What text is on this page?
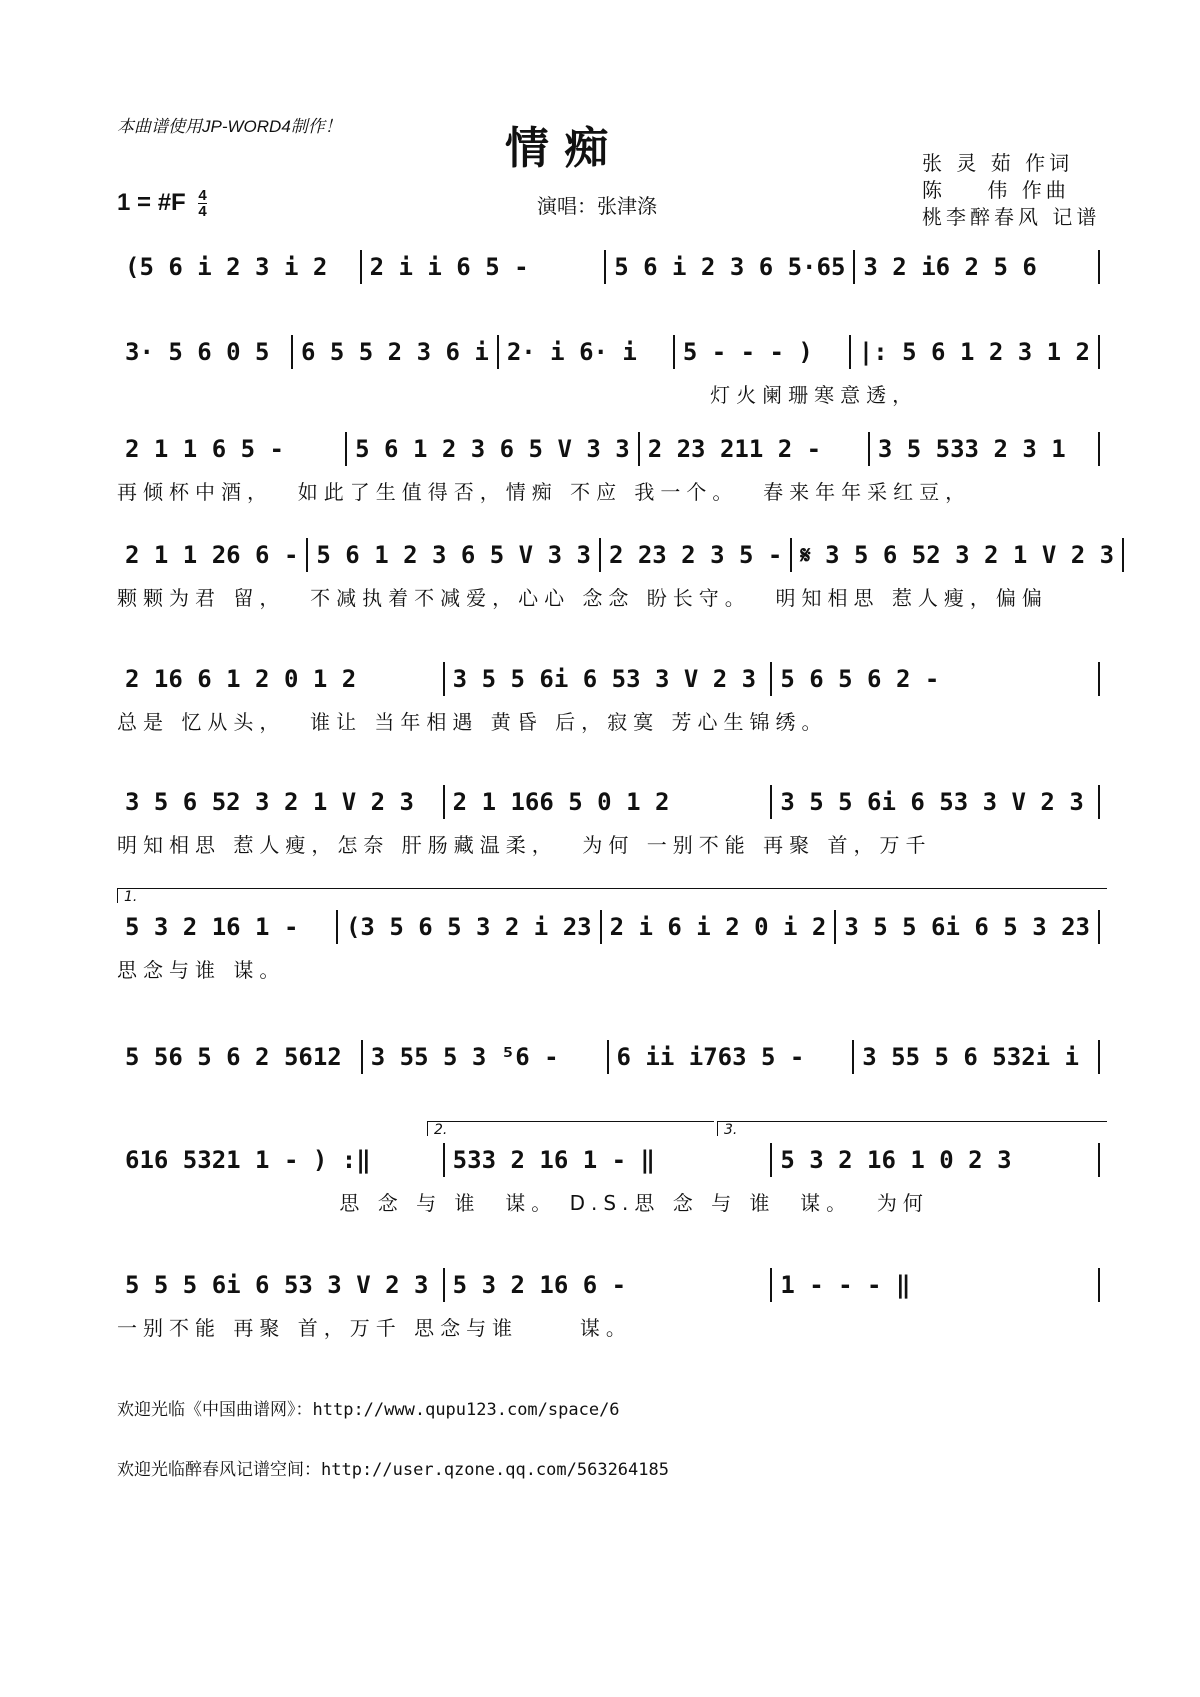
本曲谱使用JP-WORD4制作！	情 痴	张 灵 茹 作词
陈    伟 作曲
桃李醉春风 记谱
1 = #F $\frac{4}{4}$	演唱：张津涤
(5 6 i 2 3 i 2	2 i i 6 5 -	5 6 i 2 3 6 5·65 3 2 i6 2 5 6
3· 5 6 0 5	6 5 5 2 3 6 i 2· i 6· i	5 - - - )	|: 5 6 1 2 3 1 2
灯火阑珊寒意透，
2 1 1 6 5 -	5 6 1 2 3 6 5 V 3 3 2 23 211 2 -	3 5 533 2 3 1
再倾杯中酒，  如此了生值得否，情痴 不应 我一个。  春来年年采红豆，
2 1 1 26 6 - 5 6 1 2 3 6 5 V 3 3 2 23 2 3 5 - 𝄋 3 5 6 52 3 2 1 V 2 3
颗颗为君 留，  不减执着不减爱，心心 念念 盼长守。  明知相思 惹人瘦，偏偏
2 16 6 1 2 0 1 2	3 5 5 6i 6 53 3 V 2 3	5 6 5 6 2 -
总是 忆从头，  谁让 当年相遇 黄昏 后，寂寞 芳心生锦绣。
3 5 6 52 3 2 1 V 2 3	2 1 166 5 0 1 2	3 5 5 6i 6 53 3 V 2 3
明知相思 惹人瘦，怎奈 肝肠藏温柔，  为何 一别不能 再聚 首，万千
5 3 2 16 1 -	(3 5 6 5 3 2 i 23 2 i 6 i 2 0 i 2 3 5 5 6i 6 5 3 23
1.
思念与谁 谋。
5 56 5 6 2 5612	3 55 5 3 ⁵6 -	6 ii i763 5 -	3 55 5 6 532i i
616 5321 1 - ) :‖	533 2 16 1 - ‖	5 3 2 16 1 0 2 3
2.	3.
思 念 与 谁  谋。 D.S.思 念 与 谁  谋。  为何
5 5 5 6i 6 53 3 V 2 3	5 3 2 16 6 -	1 - - - ‖
一别不能 再聚 首，万千 思念与谁     谋。
欢迎光临《中国曲谱网》：http://www.qupu123.com/space/6
欢迎光临醉春风记谱空间：http://user.qzone.qq.com/563264185
